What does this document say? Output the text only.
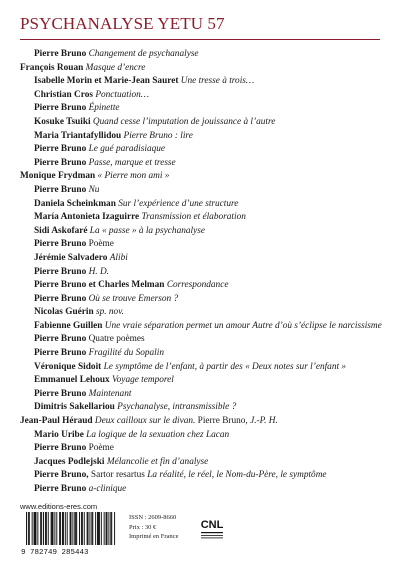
PSYCHANALYSE YETU 57
Pierre Bruno Changement de psychanalyse
François Rouan Masque d’encre
Isabelle Morin et Marie-Jean Sauret Une tresse à trois…
Christian Cros Ponctuation…
Pierre Bruno Épinette
Kosuke Tsuiki Quand cesse l’imputation de jouissance à l’autre
Maria Triantafyllidou Pierre Bruno : lire
Pierre Bruno Le gué paradisiaque
Pierre Bruno Passe, marque et tresse
Monique Frydman « Pierre mon ami »
Pierre Bruno Nu
Daniela Scheinkman Sur l’expérience d’une structure
María Antonieta Izaguirre Transmission et élaboration
Sidi Askofaré La « passe » à la psychanalyse
Pierre Bruno Poème
Jérémie Salvadero Alibi
Pierre Bruno H. D.
Pierre Bruno et Charles Melman Correspondance
Pierre Bruno Où se trouve Emerson ?
Nicolas Guérin sp. nov.
Fabienne Guillen Une vraie séparation permet un amour Autre d’où s’éclipse le narcissisme
Pierre Bruno Quatre poèmes
Pierre Bruno Fragilité du Sopalin
Véronique Sidoit Le symptôme de l’enfant, à partir des « Deux notes sur l’enfant »
Emmanuel Lehoux Voyage temporel
Pierre Bruno Maintenant
Dimitris Sakellariou Psychanalyse, intransmissible ?
Jean-Paul Héraud Deux cailloux sur le divan. Pierre Bruno, J.-P. H.
Mario Uribe La logique de la sexuation chez Lacan
Pierre Bruno Poème
Jacques Podlejski Mélancolie et fin d’analyse
Pierre Bruno, Sartor resartus La réalité, le réel, le Nom-du-Père, le symptôme
Pierre Bruno a-clinique
www.editions-eres.com
9 782749 285443
ISSN : 2609-8660
Prix : 30 €
Imprimé en France
CNL
